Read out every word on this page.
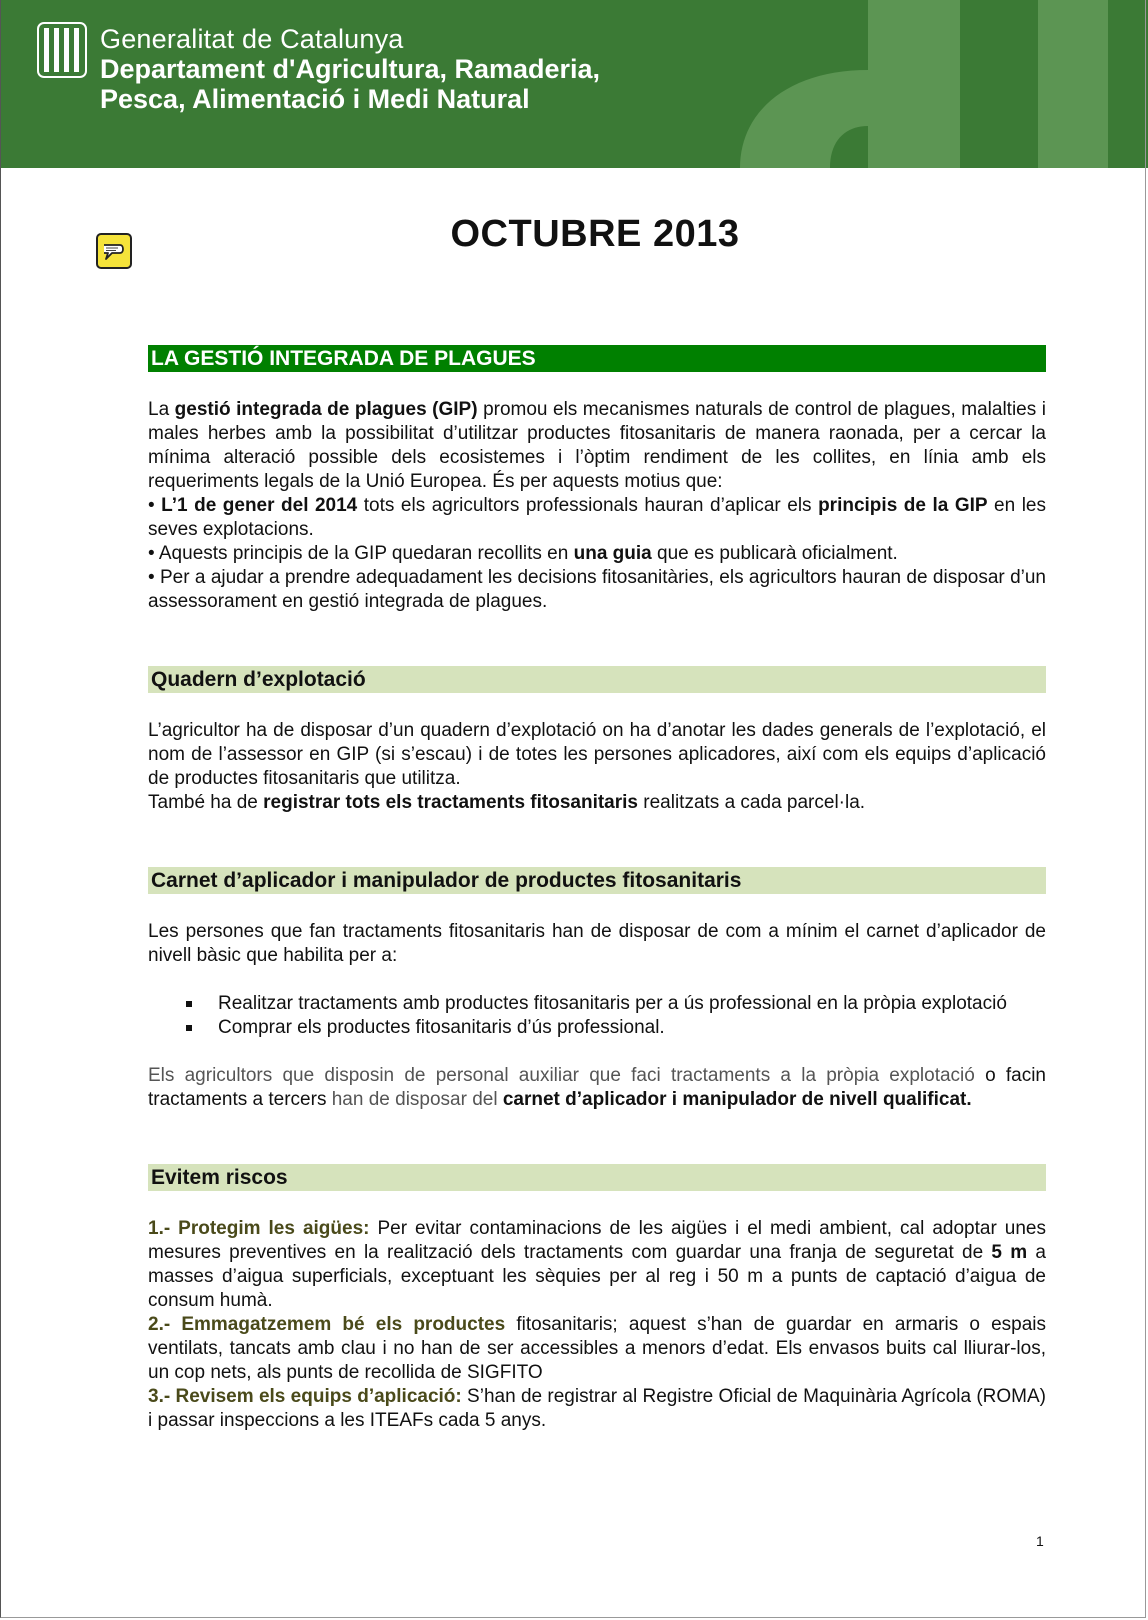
Generalitat de Catalunya
Departament d'Agricultura, Ramaderia,
Pesca, Alimentació i Medi Natural
OCTUBRE 2013
LA GESTIÓ INTEGRADA DE PLAGUES

La gestió integrada de plagues (GIP) promou els mecanismes naturals de control de plagues, malalties i males herbes amb la possibilitat d’utilitzar productes fitosanitaris de manera raonada, per a cercar la mínima alteració possible dels ecosistemes i l’òptim rendiment de les collites, en línia amb els requeriments legals de la Unió Europea. És per aquests motius que:

• L’1 de gener del 2014 tots els agricultors professionals hauran d’aplicar els principis de la GIP en les seves explotacions.

• Aquests principis de la GIP quedaran recollits en una guia que es publicarà oficialment.

• Per a ajudar a prendre adequadament les decisions fitosanitàries, els agricultors hauran de disposar d’un assessorament en gestió integrada de plagues.

Quadern d’explotació

L’agricultor ha de disposar d’un quadern d’explotació on ha d’anotar les dades generals de l’explotació, el nom de l’assessor en GIP (si s’escau) i de totes les persones aplicadores, així com els equips d’aplicació de productes fitosanitaris que utilitza.

També ha de registrar tots els tractaments fitosanitaris realitzats a cada parcel·la.

Carnet d’aplicador i manipulador de productes fitosanitaris

Les persones que fan tractaments fitosanitaris han de disposar de com a mínim el carnet d’aplicador de nivell bàsic que habilita per a:

Realitzar tractaments amb productes fitosanitaris per a ús professional en la pròpia explotació
Comprar els productes fitosanitaris d’ús professional.

Els agricultors que disposin de personal auxiliar que faci tractaments a la pròpia explotació o facin tractaments a tercers han de disposar del carnet d’aplicador i manipulador de nivell qualificat.

Evitem riscos

1.- Protegim les aigües: Per evitar contaminacions de les aigües i el medi ambient, cal adoptar unes mesures preventives en la realització dels tractaments com guardar una franja de seguretat de 5 m a masses d’aigua superficials, exceptuant les sèquies per al reg i 50 m a punts de captació d’aigua de consum humà.

2.- Emmagatzemem bé els productes fitosanitaris; aquest s’han de guardar en armaris o espais ventilats, tancats amb clau i no han de ser accessibles a menors d’edat. Els envasos buits cal lliurar-los, un cop nets, als punts de recollida de SIGFITO

3.- Revisem els equips d’aplicació: S’han de registrar al Registre Oficial de Maquinària Agrícola (ROMA) i passar inspeccions a les ITEAFs cada 5 anys.

1
